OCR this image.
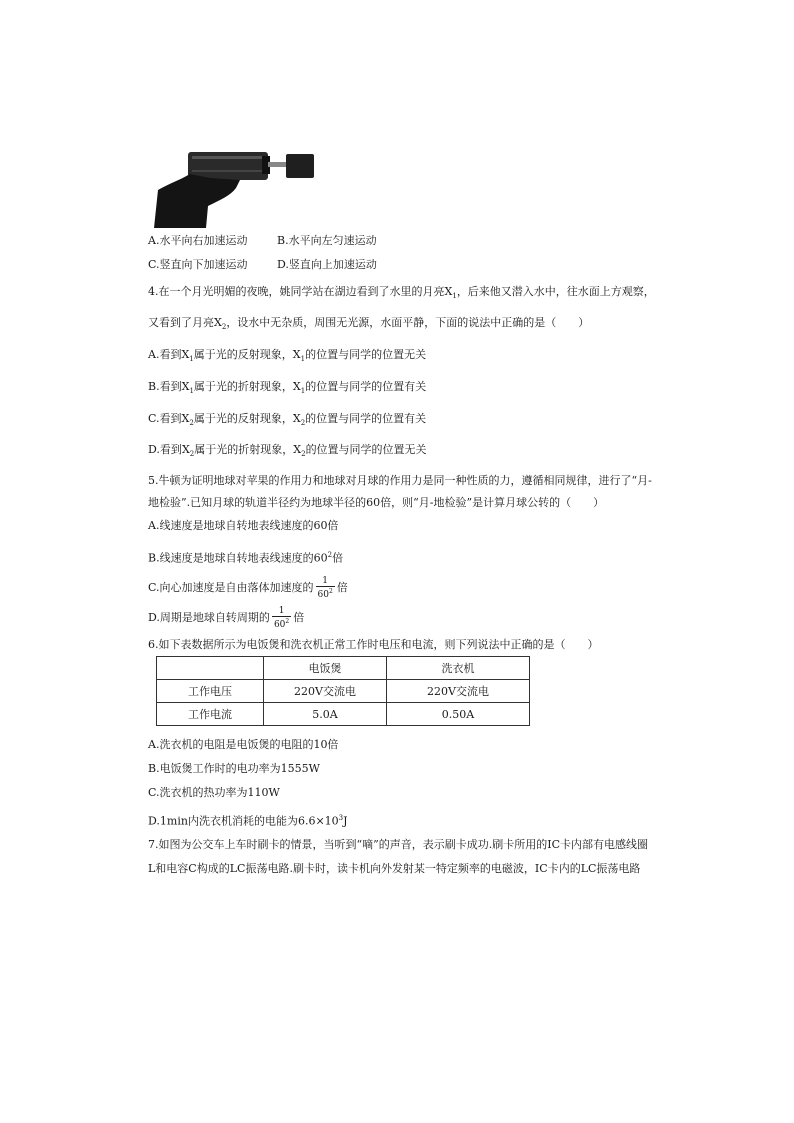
A.水平向右加速运动	B.水平向左匀速运动
C.竖直向下加速运动	D.竖直向上加速运动
4.在一个月光明媚的夜晚，姚同学站在湖边看到了水里的月亮$X_1$，后来他又潜入水中，往水面上方观察，
又看到了月亮$X_2$，设水中无杂质，周围无光源，水面平静，下面的说法中正确的是（　　）
A.看到$X_1$属于光的反射现象，$X_1$的位置与同学的位置无关
B.看到$X_1$属于光的折射现象，$X_1$的位置与同学的位置有关
C.看到$X_2$属于光的反射现象，$X_2$的位置与同学的位置有关
D.看到$X_2$属于光的折射现象，$X_2$的位置与同学的位置无关
5.牛顿为证明地球对苹果的作用力和地球对月球的作用力是同一种性质的力，遵循相同规律，进行了“月-
地检验”.已知月球的轨道半径约为地球半径的60倍，则“月-地检验”是计算月球公转的（　　）
A.线速度是地球自转地表线速度的60倍
B.线速度是地球自转地表线速度的$60^2$倍
C.向心加速度是自由落体加速度的 $\frac{1}{60^2}$ 倍
D.周期是地球自转周期的 $\frac{1}{60^2}$ 倍
6.如下表数据所示为电饭煲和洗衣机正常工作时电压和电流，则下列说法中正确的是（　　）
	电饭煲	洗衣机
工作电压	220V交流电	220V交流电
工作电流	5.0A	0.50A
A.洗衣机的电阻是电饭煲的电阻的10倍
B.电饭煲工作时的电功率为1555W
C.洗衣机的热功率为110W
D.1min内洗衣机消耗的电能为$6.6\times 10^3J$
7.如图为公交车上车时刷卡的情景，当听到“嘀”的声音，表示刷卡成功.刷卡所用的IC卡内部有电感线圈
L和电容C构成的LC振荡电路.刷卡时，读卡机向外发射某一特定频率的电磁波，IC卡内的LC振荡电路
